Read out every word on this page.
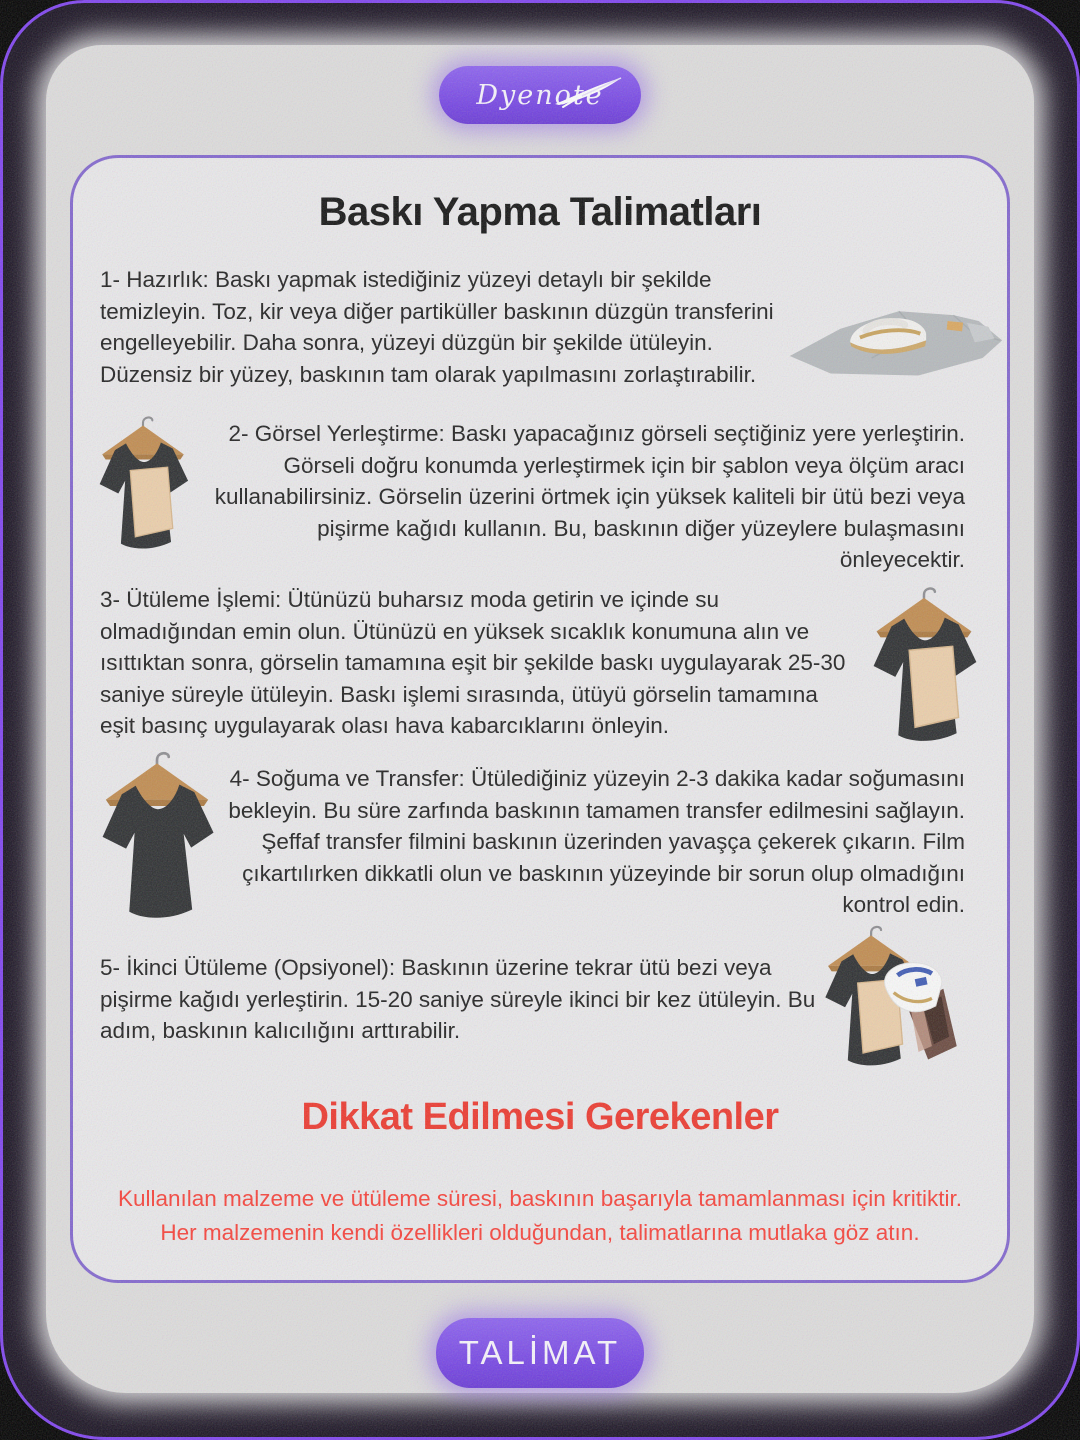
Dyenote
Baskı Yapma Talimatları
1- Hazırlık: Baskı yapmak istediğiniz yüzeyi detaylı bir şekilde temizleyin. Toz, kir veya diğer partiküller baskının düzgün transferini engelleyebilir. Daha sonra, yüzeyi düzgün bir şekilde ütüleyin. Düzensiz bir yüzey, baskının tam olarak yapılmasını zorlaştırabilir.
2- Görsel Yerleştirme: Baskı yapacağınız görseli seçtiğiniz yere yerleştirin. Görseli doğru konumda yerleştirmek için bir şablon veya ölçüm aracı kullanabilirsiniz. Görselin üzerini örtmek için yüksek kaliteli bir ütü bezi veya pişirme kağıdı kullanın. Bu, baskının diğer yüzeylere bulaşmasını önleyecektir.
3- Ütüleme İşlemi: Ütünüzü buharsız moda getirin ve içinde su olmadığından emin olun. Ütünüzü en yüksek sıcaklık konumuna alın ve ısıttıktan sonra, görselin tamamına eşit bir şekilde baskı uygulayarak 25-30 saniye süreyle ütüleyin. Baskı işlemi sırasında, ütüyü görselin tamamına eşit basınç uygulayarak olası hava kabarcıklarını önleyin.
4- Soğuma ve Transfer: Ütülediğiniz yüzeyin 2-3 dakika kadar soğumasını bekleyin. Bu süre zarfında baskının tamamen transfer edilmesini sağlayın. Şeffaf transfer filmini baskının üzerinden yavaşça çekerek çıkarın. Film çıkartılırken dikkatli olun ve baskının yüzeyinde bir sorun olup olmadığını kontrol edin.
5- İkinci Ütüleme (Opsiyonel): Baskının üzerine tekrar ütü bezi veya pişirme kağıdı yerleştirin. 15-20 saniye süreyle ikinci bir kez ütüleyin. Bu adım, baskının kalıcılığını arttırabilir.
Dikkat Edilmesi Gerekenler
Kullanılan malzeme ve ütüleme süresi, baskının başarıyla tamamlanması için kritiktir.
Her malzemenin kendi özellikleri olduğundan, talimatlarına mutlaka göz atın.
TALİMAT
